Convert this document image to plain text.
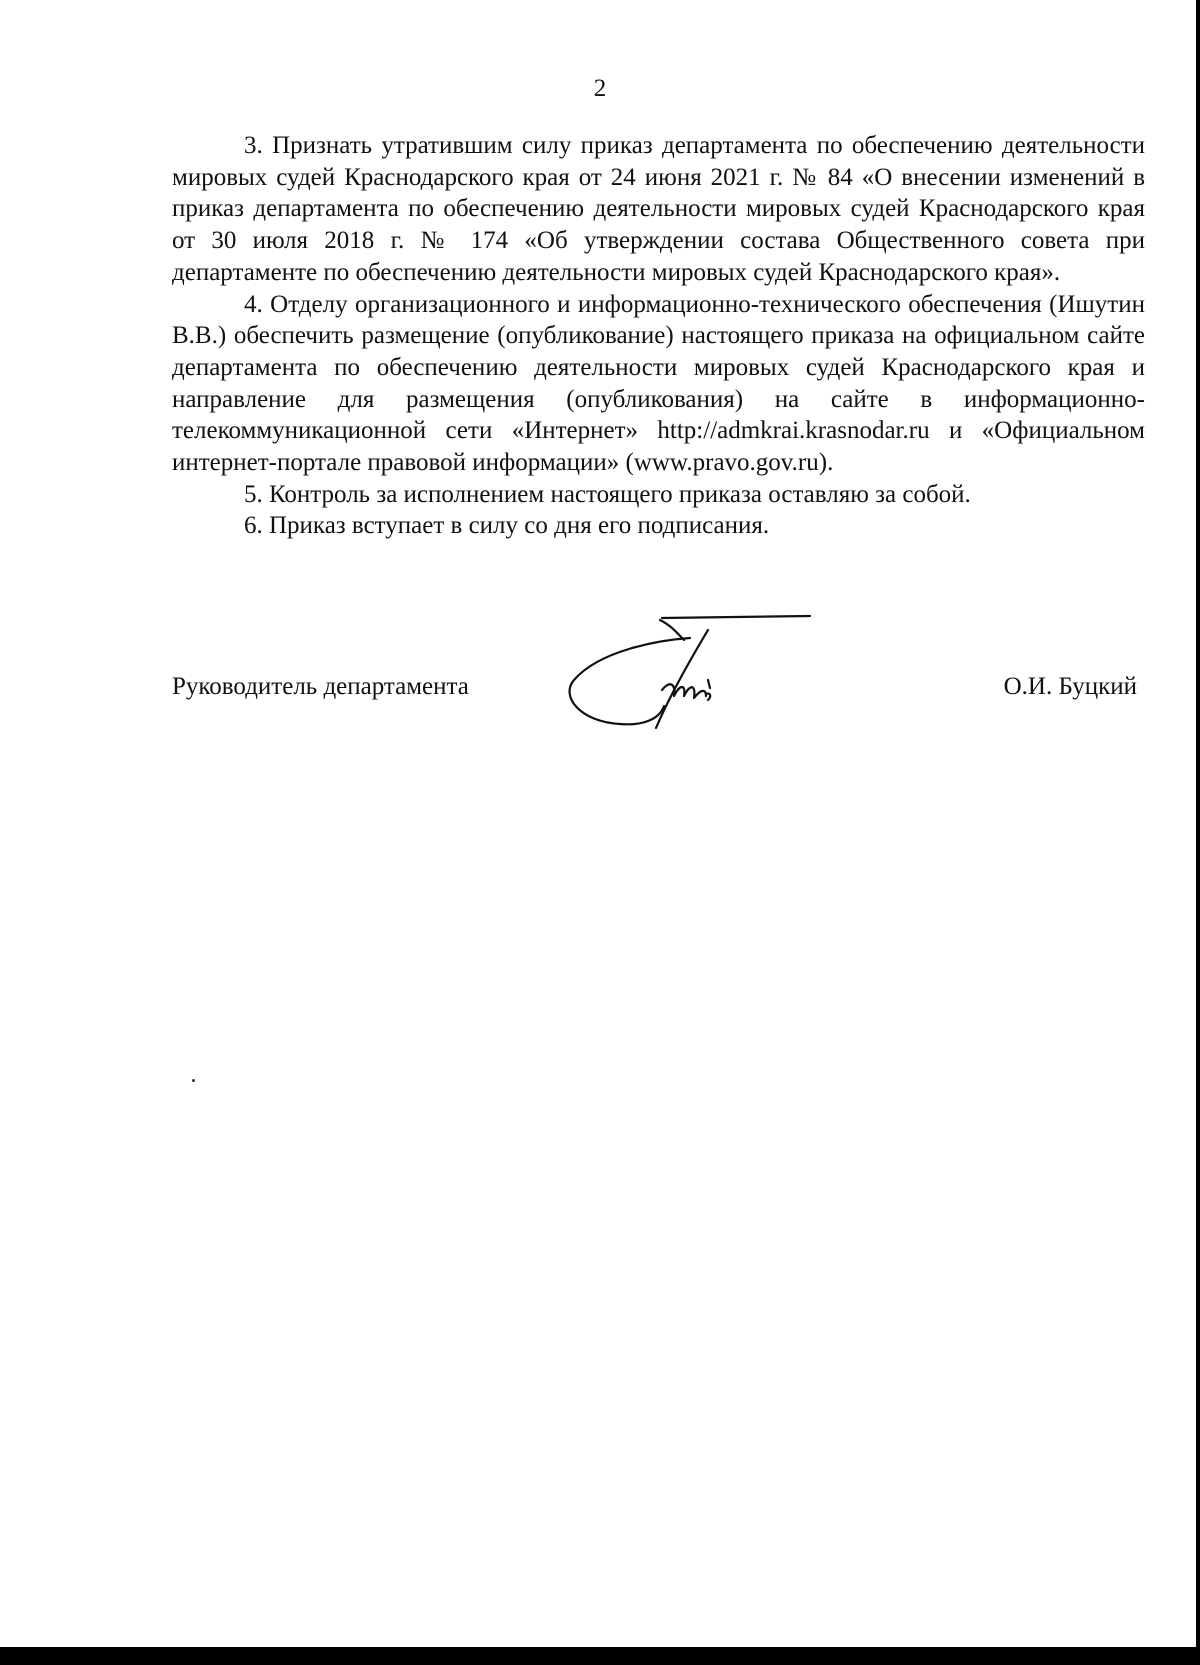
2

3. Признать утратившим силу приказ департамента по обеспечению деятельности мировых судей Краснодарского края от 24 июня 2021 г. № 84 «О внесении изменений в приказ департамента по обеспечению деятельности мировых судей Краснодарского края от 30 июля 2018 г. № 174 «Об утверждении состава Общественного совета при департаменте по обеспечению деятельности мировых судей Краснодарского края».

4. Отделу организационного и информационно-технического обеспечения (Ишутин В.В.) обеспечить размещение (опубликование) настоящего приказа на официальном сайте департамента по обеспечению деятельности мировых судей Краснодарского края и направление для размещения (опубликования) на сайте в информационно-телекоммуникационной сети «Интернет» http://admkrai.krasnodar.ru и «Официальном интернет-портале правовой информации» (www.pravo.gov.ru).

5. Контроль за исполнением настоящего приказа оставляю за собой.

6. Приказ вступает в силу со дня его подписания.

Руководитель департамента	О.И. Буцкий
